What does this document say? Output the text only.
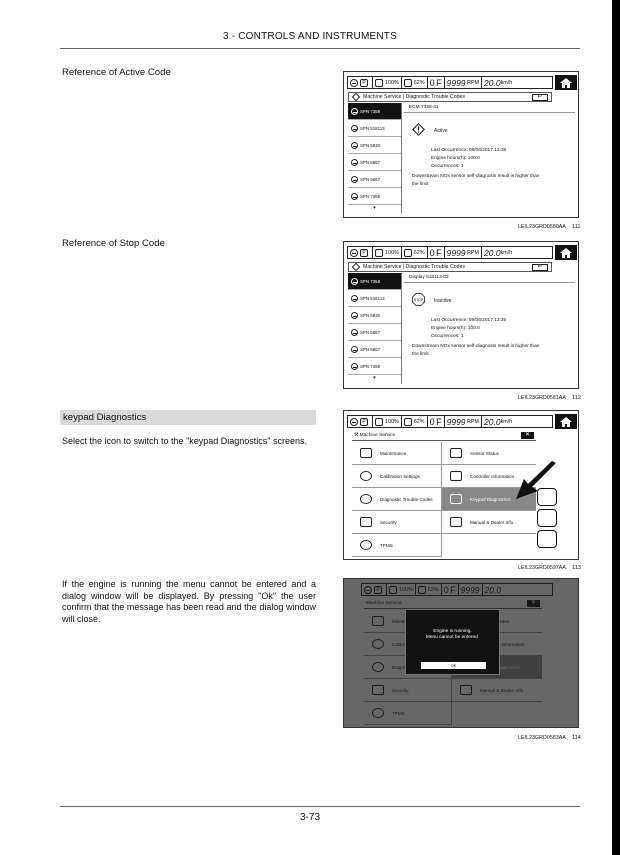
3 - CONTROLS AND INSTRUMENTS
Reference of Active Code
P	100%	62% 0
F 9999
RPM 20.0 km/h
Machine Service | Diagnostic Trouble Codes	↵
SPN 7358
SPN 518113
SPN 5830
SPN 5857
SPN 5857
SPN 7358
▾
ECM 7358-31
Active
Last Occurrence: 09/06/2017 13:35
Engine hours(h): 100.0
Occurrences: 1
Downstream NOx sensor self-diagnosis result is higher than the limit
LEIL23GRD0580AA 111
Reference of Stop Code
P	100%	62% 0
F 9999
RPM 20.0 km/h
Machine Service | Diagnostic Trouble Codes	↵
SPN 7358
SPN 518113
SPN 5830
SPN 5857
SPN 5857
SPN 7358
▾
Display 518113-02
STOP Inactive
Last Occurrence: 09/06/2017 13:35
Engine hours(h): 100.0
Occurrences: 1
Downstream NOx sensor self-diagnosis result is higher than the limit
LEIL23GRD0581AA 112
keypad Diagnostics
Select the icon to switch to the "keypad Diagnostics" screens.
P	100%	62% 0
F 9999
RPM 20.0 km/h
⚒ Machine Service	✕
Maintenance	Sensor Status
Calibration Settings	Controller Information
Diagnostic Trouble Codes	Keypad Diagnostics
Security	Manual & Dealer Info
TPMS
LEIL23GRD0597AA 113
If the engine is running the menu cannot be entered and a dialog window will be displayed. By pressing "Ok" the user confirm that the message has been read and the dialog window will close.

Engine is running.
Menu cannot be entered.
ok
LEIL23GRD0583AA 114
3-73
